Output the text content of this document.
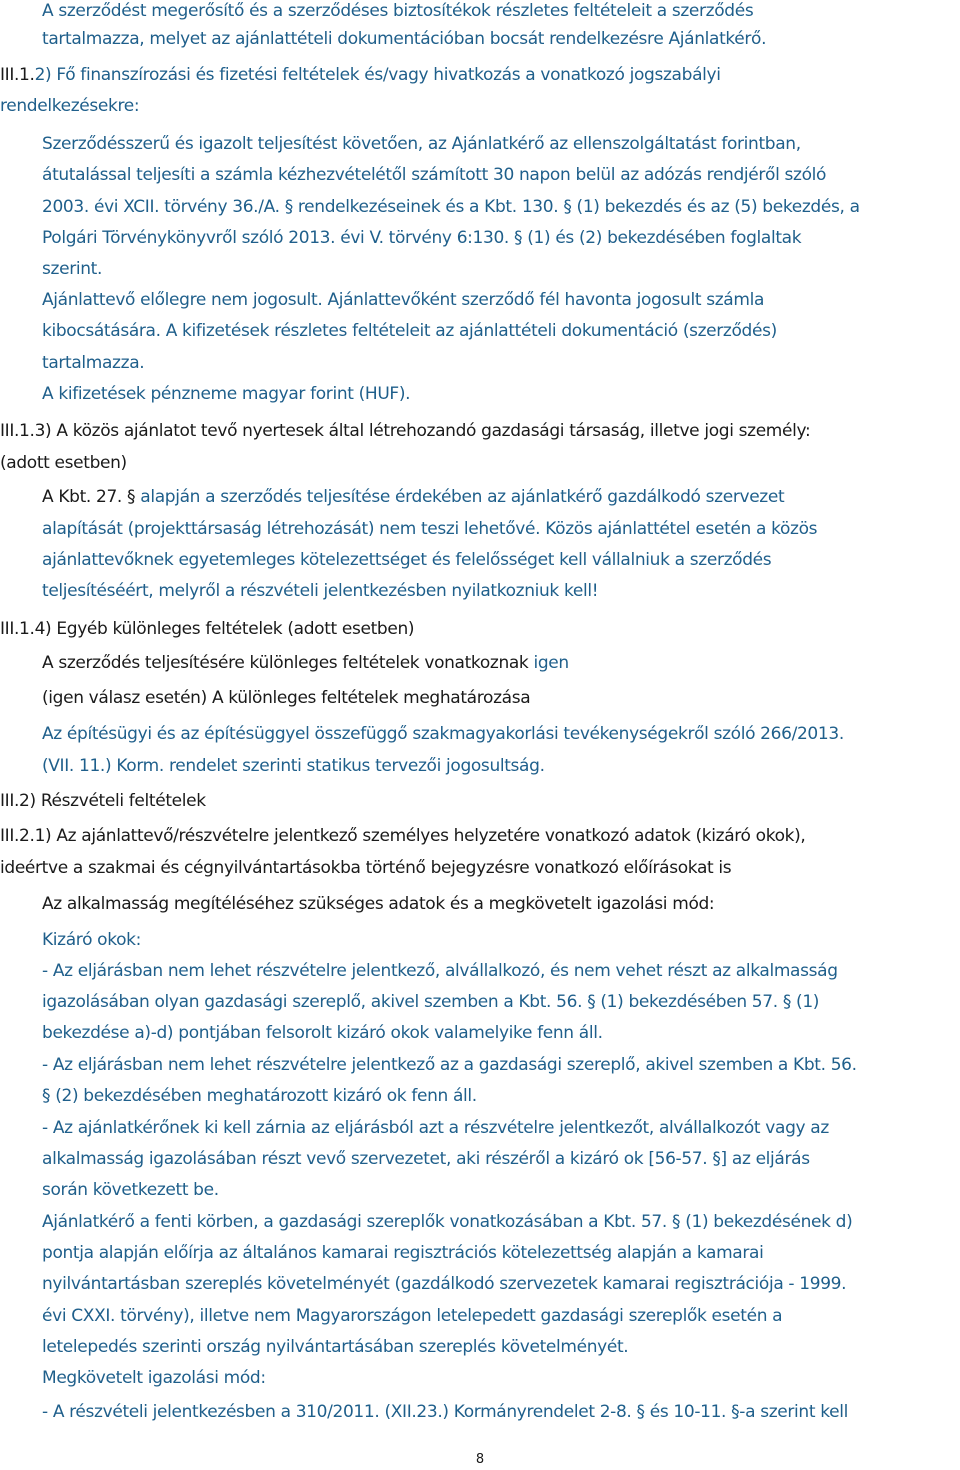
A szerződést megerősítő és a szerződéses biztosítékok részletes feltételeit a szerződés
tartalmazza, melyet az ajánlattételi dokumentációban bocsát rendelkezésre Ajánlatkérő.
III.1.2) Fő finanszírozási és fizetési feltételek és/vagy hivatkozás a vonatkozó jogszabályi
rendelkezésekre:
Szerződésszerű és igazolt teljesítést követően, az Ajánlatkérő az ellenszolgáltatást forintban,
átutalással teljesíti a számla kézhezvételétől számított 30 napon belül az adózás rendjéről szóló
2003. évi XCII. törvény 36./A. § rendelkezéseinek és a Kbt. 130. § (1) bekezdés és az (5) bekezdés, a
Polgári Törvénykönyvről szóló 2013. évi V. törvény 6:130. § (1) és (2) bekezdésében foglaltak
szerint.
Ajánlattevő előlegre nem jogosult. Ajánlattevőként szerződő fél havonta jogosult számla
kibocsátására. A kifizetések részletes feltételeit az ajánlattételi dokumentáció (szerződés)
tartalmazza.
A kifizetések pénzneme magyar forint (HUF).
III.1.3) A közös ajánlatot tevő nyertesek által létrehozandó gazdasági társaság, illetve jogi személy:
(adott esetben)
A Kbt. 27. § alapján a szerződés teljesítése érdekében az ajánlatkérő gazdálkodó szervezet
alapítását (projekttársaság létrehozását) nem teszi lehetővé. Közös ajánlattétel esetén a közös
ajánlattevőknek egyetemleges kötelezettséget és felelősséget kell vállalniuk a szerződés
teljesítéséért, melyről a részvételi jelentkezésben nyilatkozniuk kell!
III.1.4) Egyéb különleges feltételek (adott esetben)
A szerződés teljesítésére különleges feltételek vonatkoznak igen
(igen válasz esetén) A különleges feltételek meghatározása
Az építésügyi és az építésüggyel összefüggő szakmagyakorlási tevékenységekről szóló 266/2013.
(VII. 11.) Korm. rendelet szerinti statikus tervezői jogosultság.
III.2) Részvételi feltételek
III.2.1) Az ajánlattevő/részvételre jelentkező személyes helyzetére vonatkozó adatok (kizáró okok),
ideértve a szakmai és cégnyilvántartásokba történő bejegyzésre vonatkozó előírásokat is
Az alkalmasság megítéléséhez szükséges adatok és a megkövetelt igazolási mód:
Kizáró okok:
- Az eljárásban nem lehet részvételre jelentkező, alvállalkozó, és nem vehet részt az alkalmasság
igazolásában olyan gazdasági szereplő, akivel szemben a Kbt. 56. § (1) bekezdésében 57. § (1)
bekezdése a)-d) pontjában felsorolt kizáró okok valamelyike fenn áll.
- Az eljárásban nem lehet részvételre jelentkező az a gazdasági szereplő, akivel szemben a Kbt. 56.
§ (2) bekezdésében meghatározott kizáró ok fenn áll.
- Az ajánlatkérőnek ki kell zárnia az eljárásból azt a részvételre jelentkezőt, alvállalkozót vagy az
alkalmasság igazolásában részt vevő szervezetet, aki részéről a kizáró ok [56-57. §] az eljárás
során következett be.
Ajánlatkérő a fenti körben, a gazdasági szereplők vonatkozásában a Kbt. 57. § (1) bekezdésének d)
pontja alapján előírja az általános kamarai regisztrációs kötelezettség alapján a kamarai
nyilvántartásban szereplés követelményét (gazdálkodó szervezetek kamarai regisztrációja - 1999.
évi CXXI. törvény), illetve nem Magyarországon letelepedett gazdasági szereplők esetén a
letelepedés szerinti ország nyilvántartásában szereplés követelményét.
Megkövetelt igazolási mód:
- A részvételi jelentkezésben a 310/2011. (XII.23.) Kormányrendelet 2-8. § és 10-11. §-a szerint kell
8
